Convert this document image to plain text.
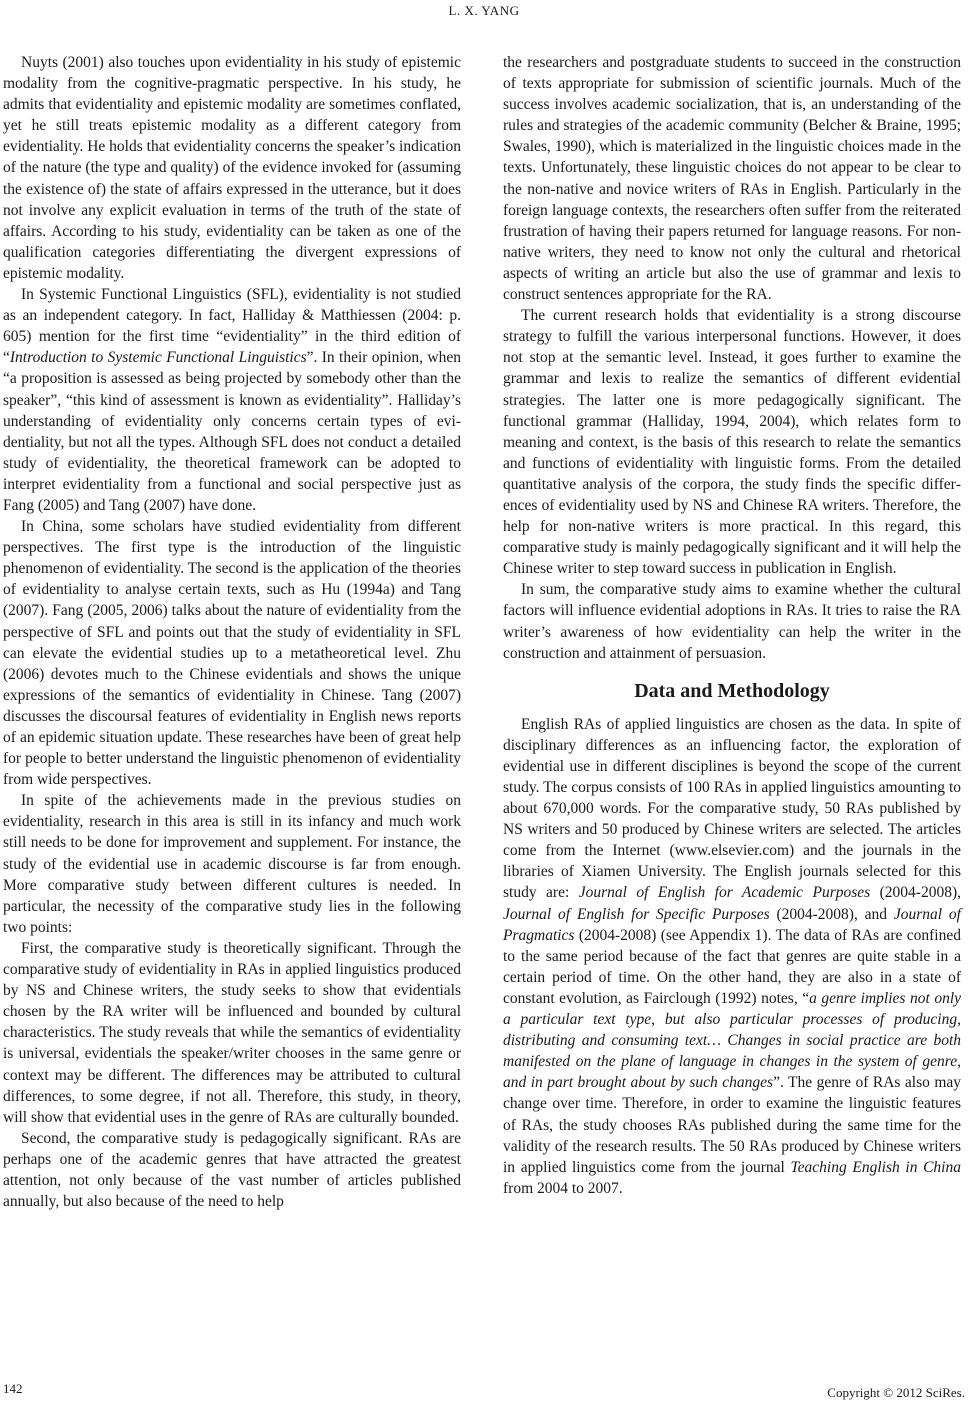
L. X. YANG

Nuyts (2001) also touches upon evidentiality in his study of epistemic modality from the cognitive-pragmatic perspective. In his study, he admits that evidentiality and epistemic modality are sometimes conflated, yet he still treats epistemic modality as a different category from evidentiality. He holds that evidentiality concerns the speaker’s indication of the nature (the type and quality) of the evidence invoked for (assuming the existence of) the state of affairs expressed in the utterance, but it does not involve any explicit evaluation in terms of the truth of the state of affairs. According to his study, evidentiality can be taken as one of the qualification categories differentiating the divergent expressions of epistemic modality.

In Systemic Functional Linguistics (SFL), evidentiality is not studied as an independent category. In fact, Halliday & Matthiessen (2004: p. 605) mention for the first time “evidentiality” in the third edition of “Introduction to Systemic Functional Linguistics”. In their opinion, when “a proposition is assessed as being projected by somebody other than the speaker”, “this kind of assessment is known as evidentiality”. Halliday’s understanding of evidentiality only concerns certain types of evidentiality, but not all the types. Although SFL does not conduct a detailed study of evidentiality, the theoretical framework can be adopted to interpret evidentiality from a functional and social perspective just as Fang (2005) and Tang (2007) have done.

In China, some scholars have studied evidentiality from different perspectives. The first type is the introduction of the linguistic phenomenon of evidentiality. The second is the application of the theories of evidentiality to analyse certain texts, such as Hu (1994a) and Tang (2007). Fang (2005, 2006) talks about the nature of evidentiality from the perspective of SFL and points out that the study of evidentiality in SFL can elevate the evidential studies up to a metatheoretical level. Zhu (2006) devotes much to the Chinese evidentials and shows the unique expressions of the semantics of evidentiality in Chinese. Tang (2007) discusses the discoursal features of evidentiality in English news reports of an epidemic situation update. These researches have been of great help for people to better understand the linguistic phenomenon of evidentiality from wide perspectives.

In spite of the achievements made in the previous studies on evidentiality, research in this area is still in its infancy and much work still needs to be done for improvement and supplement. For instance, the study of the evidential use in academic discourse is far from enough. More comparative study between different cultures is needed. In particular, the necessity of the comparative study lies in the following two points:

First, the comparative study is theoretically significant. Through the comparative study of evidentiality in RAs in applied linguistics produced by NS and Chinese writers, the study seeks to show that evidentials chosen by the RA writer will be influenced and bounded by cultural characteristics. The study reveals that while the semantics of evidentiality is universal, evidentials the speaker/writer chooses in the same genre or context may be different. The differences may be attributed to cultural differences, to some degree, if not all. Therefore, this study, in theory, will show that evidential uses in the genre of RAs are culturally bounded.

Second, the comparative study is pedagogically significant. RAs are perhaps one of the academic genres that have attracted the greatest attention, not only because of the vast number of articles published annually, but also because of the need to help

the researchers and postgraduate students to succeed in the construction of texts appropriate for submission of scientific journals. Much of the success involves academic socialization, that is, an understanding of the rules and strategies of the academic community (Belcher & Braine, 1995; Swales, 1990), which is materialized in the linguistic choices made in the texts. Unfortunately, these linguistic choices do not appear to be clear to the non-native and novice writers of RAs in English. Particularly in the foreign language contexts, the researchers often suffer from the reiterated frustration of having their papers returned for language reasons. For non-native writers, they need to know not only the cultural and rhetorical aspects of writing an article but also the use of grammar and lexis to construct sentences appropriate for the RA.

The current research holds that evidentiality is a strong discourse strategy to fulfill the various interpersonal functions. However, it does not stop at the semantic level. Instead, it goes further to examine the grammar and lexis to realize the semantics of different evidential strategies. The latter one is more pedagogically significant. The functional grammar (Halliday, 1994, 2004), which relates form to meaning and context, is the basis of this research to relate the semantics and functions of evidentiality with linguistic forms. From the detailed quantitative analysis of the corpora, the study finds the specific differences of evidentiality used by NS and Chinese RA writers. Therefore, the help for non-native writers is more practical. In this regard, this comparative study is mainly pedagogically significant and it will help the Chinese writer to step toward success in publication in English.

In sum, the comparative study aims to examine whether the cultural factors will influence evidential adoptions in RAs. It tries to raise the RA writer’s awareness of how evidentiality can help the writer in the construction and attainment of persuasion.

Data and Methodology

English RAs of applied linguistics are chosen as the data. In spite of disciplinary differences as an influencing factor, the exploration of evidential use in different disciplines is beyond the scope of the current study. The corpus consists of 100 RAs in applied linguistics amounting to about 670,000 words. For the comparative study, 50 RAs published by NS writers and 50 produced by Chinese writers are selected. The articles come from the Internet (www.elsevier.com) and the journals in the libraries of Xiamen University. The English journals selected for this study are: Journal of English for Academic Purposes (2004-2008), Journal of English for Specific Purposes (2004-2008), and Journal of Pragmatics (2004-2008) (see Appendix 1). The data of RAs are confined to the same period because of the fact that genres are quite stable in a certain period of time. On the other hand, they are also in a state of constant evolution, as Fairclough (1992) notes, “a genre implies not only a particular text type, but also particular processes of producing, distributing and consuming text… Changes in social practice are both manifested on the plane of language in changes in the system of genre, and in part brought about by such changes”. The genre of RAs also may change over time. Therefore, in order to examine the linguistic features of RAs, the study chooses RAs published during the same time for the validity of the research results. The 50 RAs produced by Chinese writers in applied linguistics come from the journal Teaching English in China from 2004 to 2007.

142	Copyright © 2012 SciRes.
